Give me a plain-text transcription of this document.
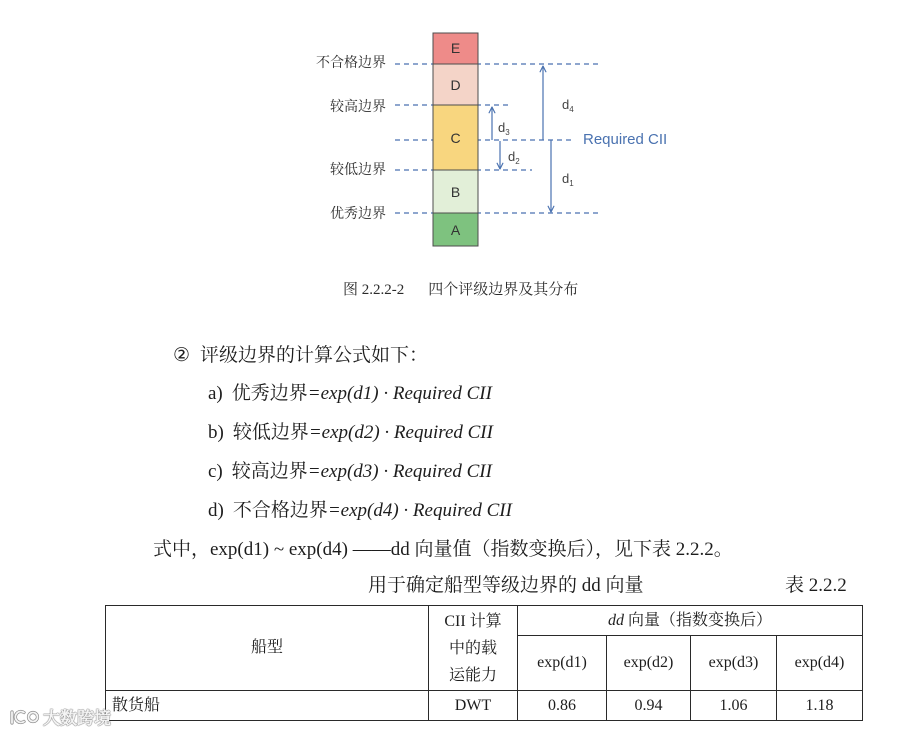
E
D
C
B
A
不合格边界
较高边界
较低边界
优秀边界
$d_4$
$d_3$
$d_2$
$d_1$
Required CII
图 2.2.2-2 四个评级边界及其分布
② 评级边界的计算公式如下：
a) 优秀边界=exp(d1) · Required CII
b) 较低边界=exp(d2) · Required CII
c) 较高边界=exp(d3) · Required CII
d) 不合格边界=exp(d4) · Required CII
式中，exp(d1) ~ exp(d4) ——dd 向量值（指数变换后），见下表 2.2.2。
用于确定船型等级边界的 dd 向量	表 2.2.2
船型	CII 计算
中的载
运能力	dd 向量（指数变换后）			
		exp(d1)	exp(d2)	exp(d3)	exp(d4)
散货船	DWT	0.86	0.94	1.06	1.18
大数跨境
